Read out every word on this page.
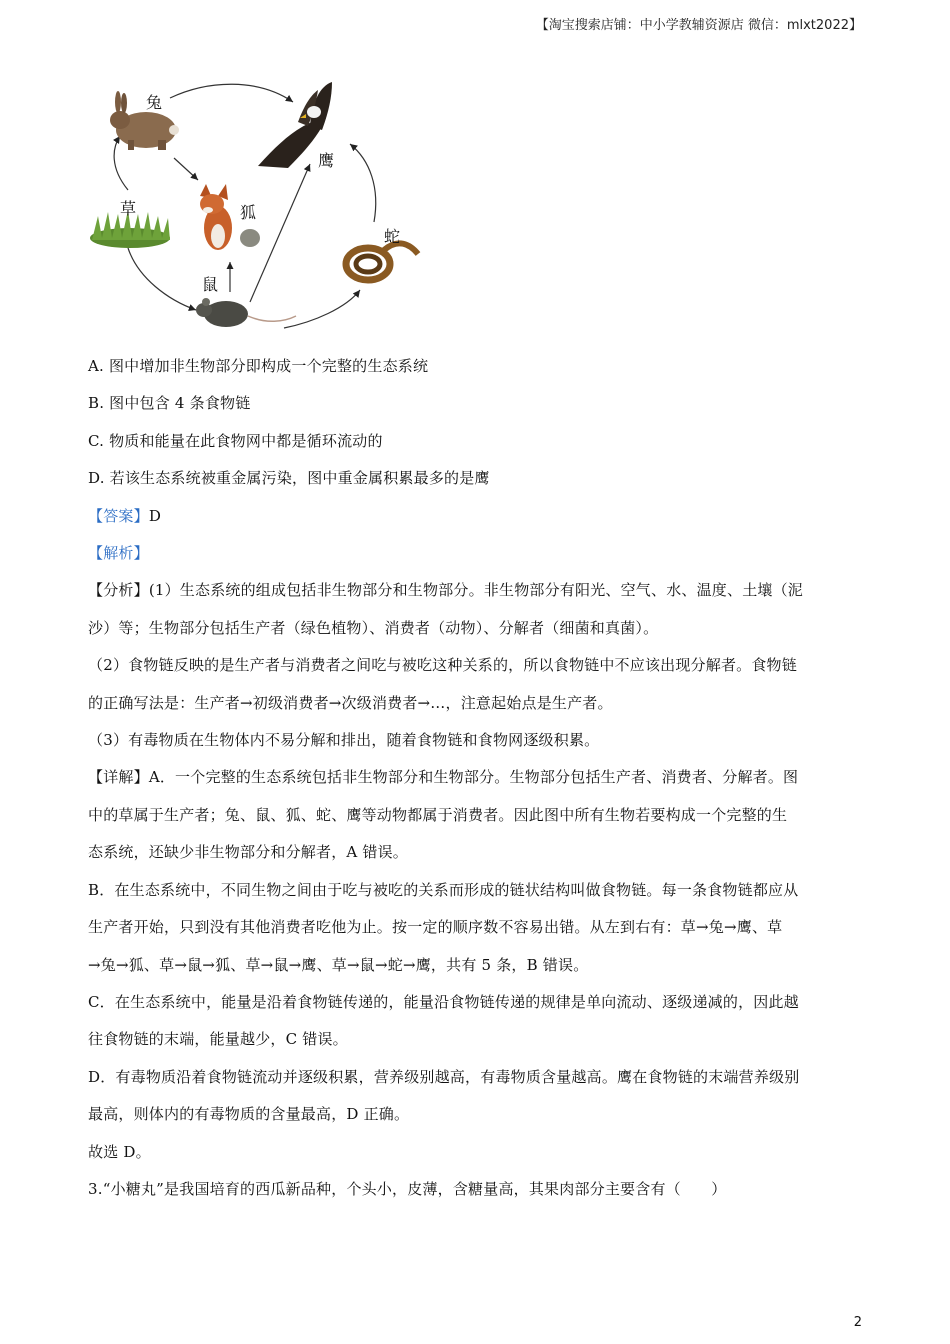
【淘宝搜索店铺：中小学教辅资源店 微信：mlxt2022】
兔
鹰
草	狐
蛇
鼠
A. 图中增加非生物部分即构成一个完整的生态系统
B. 图中包含 4 条食物链
C. 物质和能量在此食物网中都是循环流动的
D. 若该生态系统被重金属污染，图中重金属积累最多的是鹰
【答案】D
【解析】
【分析】(1）生态系统的组成包括非生物部分和生物部分。非生物部分有阳光、空气、水、温度、土壤（泥
沙）等；生物部分包括生产者（绿色植物）、消费者（动物）、分解者（细菌和真菌）。
（2）食物链反映的是生产者与消费者之间吃与被吃这种关系的，所以食物链中不应该出现分解者。食物链
的正确写法是：生产者→初级消费者→次级消费者→…，注意起始点是生产者。
（3）有毒物质在生物体内不易分解和排出，随着食物链和食物网逐级积累。
【详解】A．一个完整的生态系统包括非生物部分和生物部分。生物部分包括生产者、消费者、分解者。图
中的草属于生产者；兔、鼠、狐、蛇、鹰等动物都属于消费者。因此图中所有生物若要构成一个完整的生
态系统，还缺少非生物部分和分解者，A 错误。
B．在生态系统中，不同生物之间由于吃与被吃的关系而形成的链状结构叫做食物链。每一条食物链都应从
生产者开始，只到没有其他消费者吃他为止。按一定的顺序数不容易出错。从左到右有：草→兔→鹰、草
→兔→狐、草→鼠→狐、草→鼠→鹰、草→鼠→蛇→鹰，共有 5 条，B 错误。
C．在生态系统中，能量是沿着食物链传递的，能量沿食物链传递的规律是单向流动、逐级递减的，因此越
往食物链的末端，能量越少，C 错误。
D．有毒物质沿着食物链流动并逐级积累，营养级别越高，有毒物质含量越高。鹰在食物链的末端营养级别
最高，则体内的有毒物质的含量最高，D 正确。
故选 D。
3.“小糖丸”是我国培育的西瓜新品种，个头小，皮薄，含糖量高，其果肉部分主要含有（　　）
2
